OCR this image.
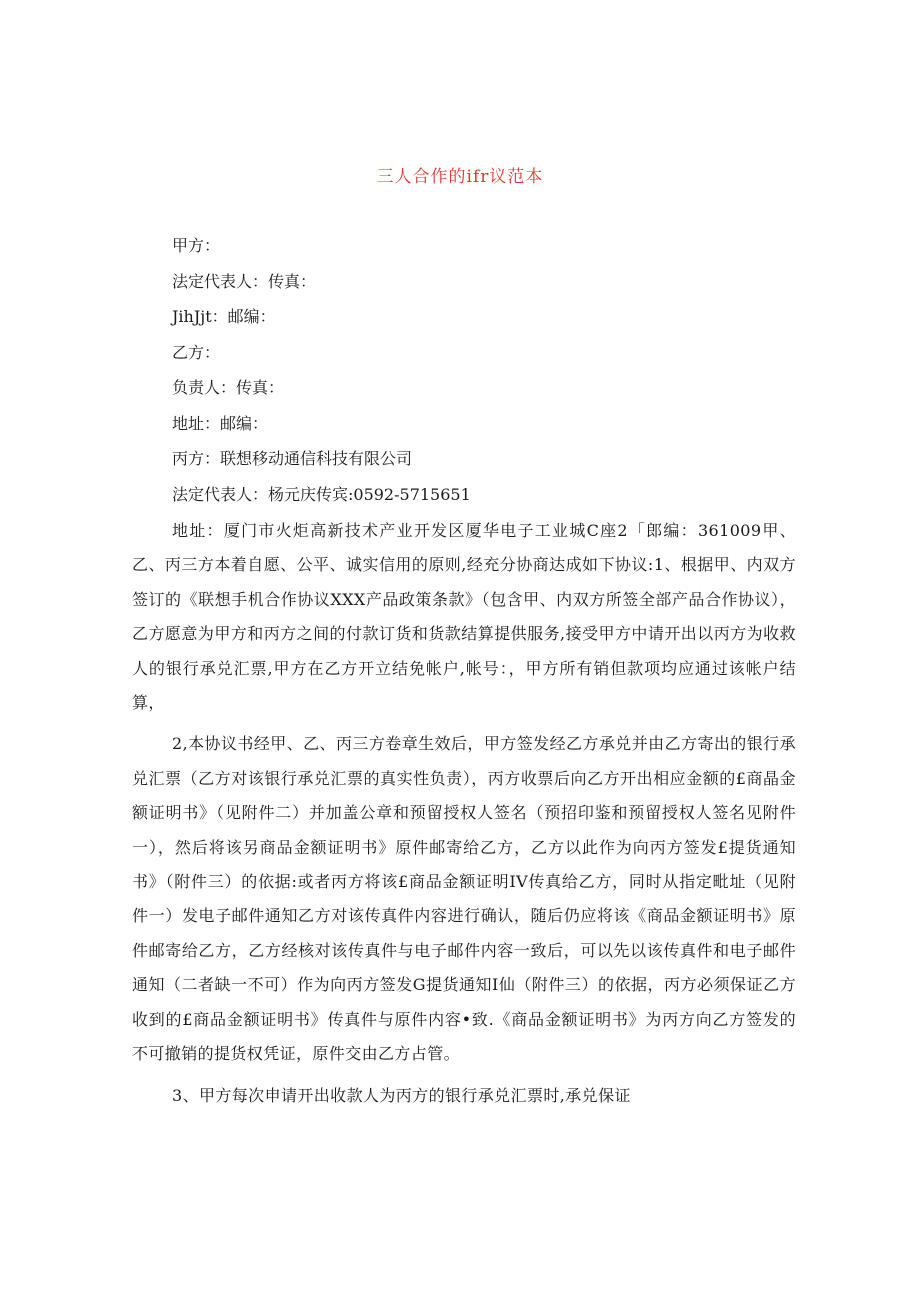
三人合作的ifr议范本
甲方：
法定代表人：传真：
JihJjt：邮编：
乙方：
负责人：传真：
地址：邮编：
丙方：联想移动通信科技有限公司
法定代表人：杨元庆传宾:0592-5715651

地址：厦门市火炬高新技术产业开发区厦华电子工业城C座2「郎编：361009甲、乙、丙三方本着自愿、公平、诚实信用的原则,经充分协商达成如下协议:1、根据甲、内双方签订的《联想手机合作协议XXX产品政策条款》（包含甲、内双方所签全部产品合作协议），乙方愿意为甲方和丙方之间的付款订货和货款结算提供服务,接受甲方中请开出以丙方为收救人的银行承兑汇票,甲方在乙方开立结免帐户,帐号：，甲方所有销但款项均应通过该帐户结算，

2,本协议书经甲、乙、丙三方卷章生效后，甲方签发经乙方承兑并由乙方寄出的银行承兑汇票（乙方对该银行承兑汇票的真实性负责），丙方收票后向乙方开出相应金额的£商晶金额证明书》（见附件二）并加盖公章和预留授权人签名（预招印鉴和预留授权人签名见附件一），然后将该另商品金额证明书》原件邮寄给乙方，乙方以此作为向丙方签发£提货通知书》（附件三）的依据:或者丙方将该£商品金额证明IV传真给乙方，同时从指定毗址（见附件一）发电子邮件通知乙方对该传真件内容进行确认，随后仍应将该《商品金额证明书》原件邮寄给乙方，乙方经核对该传真件与电子邮件内容一致后，可以先以该传真件和电子邮件通知（二者缺一不可）作为向丙方签发G提货通知I仙（附件三）的依据，丙方必须保证乙方收到的£商品金额证明书》传真件与原件内容•致.《商品金额证明书》为丙方向乙方签发的不可撤销的提货权凭证，原件交由乙方占管。

3、甲方每次申请开出收款人为丙方的银行承兑汇票时,承兑保证
